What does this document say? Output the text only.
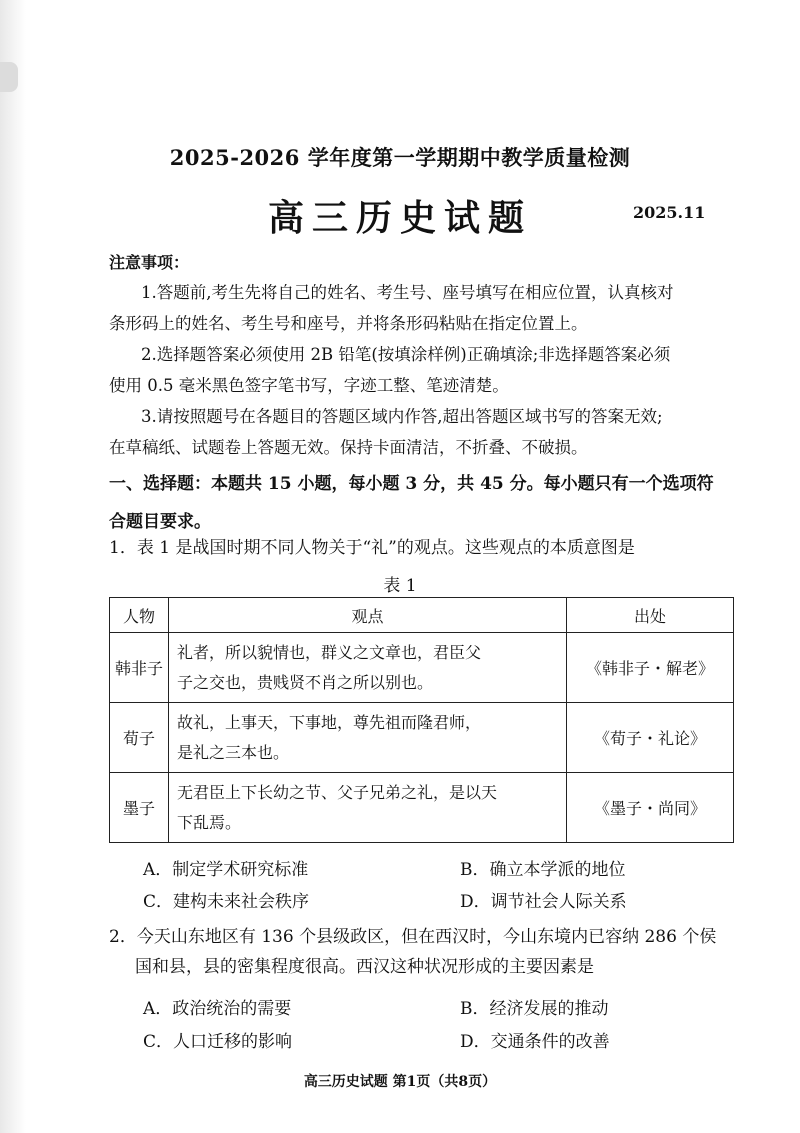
2025-2026 学年度第一学期期中教学质量检测
高三历史试题	2025.11
注意事项：
1.答题前,考生先将自己的姓名、考生号、座号填写在相应位置，认真核对
条形码上的姓名、考生号和座号，并将条形码粘贴在指定位置上。
2.选择题答案必须使用 2B 铅笔(按填涂样例)正确填涂;非选择题答案必须
使用 0.5 毫米黑色签字笔书写，字迹工整、笔迹清楚。
3.请按照题号在各题目的答题区域内作答,超出答题区域书写的答案无效;
在草稿纸、试题卷上答题无效。保持卡面清洁，不折叠、不破损。
一、选择题：本题共 15 小题，每小题 3 分，共 45 分。每小题只有一个选项符
合题目要求。
1．表 1 是战国时期不同人物关于“礼”的观点。这些观点的本质意图是
表 1
人物	观点	出处
韩非子	礼者，所以貌情也，群义之文章也，君臣父
子之交也，贵贱贤不肖之所以别也。	《韩非子・解老》
荀子	故礼，上事天，下事地，尊先祖而隆君师，
是礼之三本也。	《荀子・礼论》
墨子	无君臣上下长幼之节、父子兄弟之礼，是以天
下乱焉。	《墨子・尚同》
A．制定学术研究标准	B．确立本学派的地位
C．建构未来社会秩序	D．调节社会人际关系
2．今天山东地区有 136 个县级政区，但在西汉时，今山东境内已容纳 286 个侯
国和县，县的密集程度很高。西汉这种状况形成的主要因素是
A．政治统治的需要	B．经济发展的推动
C．人口迁移的影响	D．交通条件的改善
高三历史试题 第1页（共8页）
